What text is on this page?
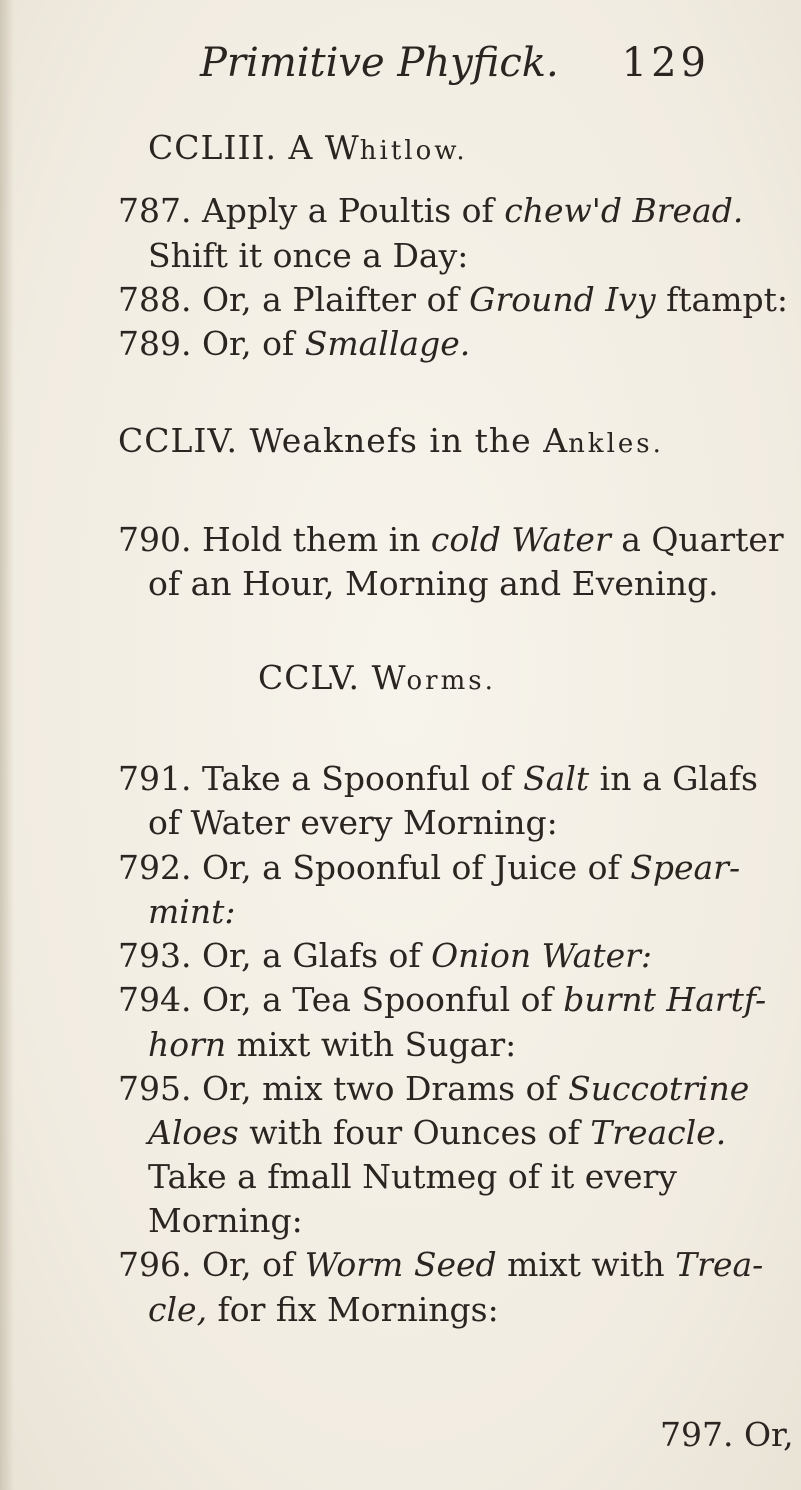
Primitive Phyfick. 129
CCLIII. A Whitlow.
787. Apply a Poultis of chew'd Bread.
Shift it once a Day:
788. Or, a Plaifter of Ground Ivy ftampt:
789. Or, of Smallage.
CCLIV. Weaknefs in the Ankles.
790. Hold them in cold Water a Quarter
of an Hour, Morning and Evening.
CCLV. Worms.
791. Take a Spoonful of Salt in a Glafs
of Water every Morning:
792. Or, a Spoonful of Juice of Spear-
mint:
793. Or, a Glafs of Onion Water:
794. Or, a Tea Spoonful of burnt Hartf-
horn mixt with Sugar:
795. Or, mix two Drams of Succotrine
Aloes with four Ounces of Treacle.
Take a fmall Nutmeg of it every
Morning:
796. Or, of Worm Seed mixt with Trea-
cle, for fix Mornings:
797. Or,
